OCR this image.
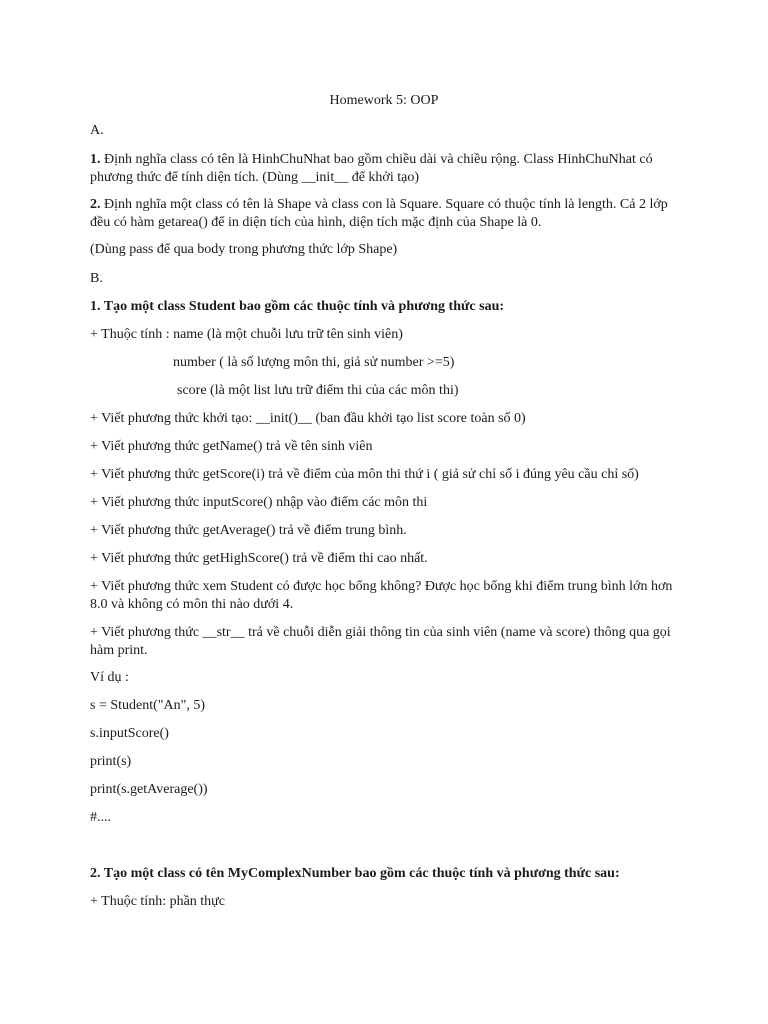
Homework 5: OOP
A.
1. Định nghĩa class có tên là HinhChuNhat bao gồm chiều dài và chiều rộng. Class HinhChuNhat có phương thức để tính diện tích. (Dùng __init__ để khởi tạo)
2. Định nghĩa một class có tên là Shape và class con là Square. Square có thuộc tính là length. Cả 2 lớp đều có hàm getarea() để in diện tích của hình, diện tích mặc định của Shape là 0.
(Dùng pass để qua body trong phương thức lớp Shape)
B.
1. Tạo một class Student bao gồm các thuộc tính và phương thức sau:
+ Thuộc tính : name (là một chuỗi lưu trữ tên sinh viên)
number ( là số lượng môn thi, giả sử number >=5)
score (là một list lưu trữ điểm thi của các môn thi)
+ Viết phương thức khởi tạo: __init()__ (ban đầu khởi tạo list score toàn số 0)
+ Viết phương thức getName() trả về tên sinh viên
+ Viết phương thức getScore(i) trả về điểm của môn thi thứ i ( giả sử chỉ số i đúng yêu cầu chỉ số)
+ Viết phương thức inputScore() nhập vào điểm các môn thi
+ Viết phương thức getAverage() trả về điểm trung bình.
+ Viết phương thức getHighScore() trả về điểm thi cao nhất.
+ Viết phương thức xem Student có được học bổng không? Được học bổng khi điểm trung bình lớn hơn 8.0 và không có môn thi nào dưới 4.
+ Viết phương thức __str__ trả về chuỗi diễn giải thông tin của sinh viên (name và score) thông qua gọi hàm print.
Ví dụ :
s = Student("An", 5)
s.inputScore()
print(s)
print(s.getAverage())
#....
2. Tạo một class có tên MyComplexNumber bao gồm các thuộc tính và phương thức sau:
+ Thuộc tính: phần thực
